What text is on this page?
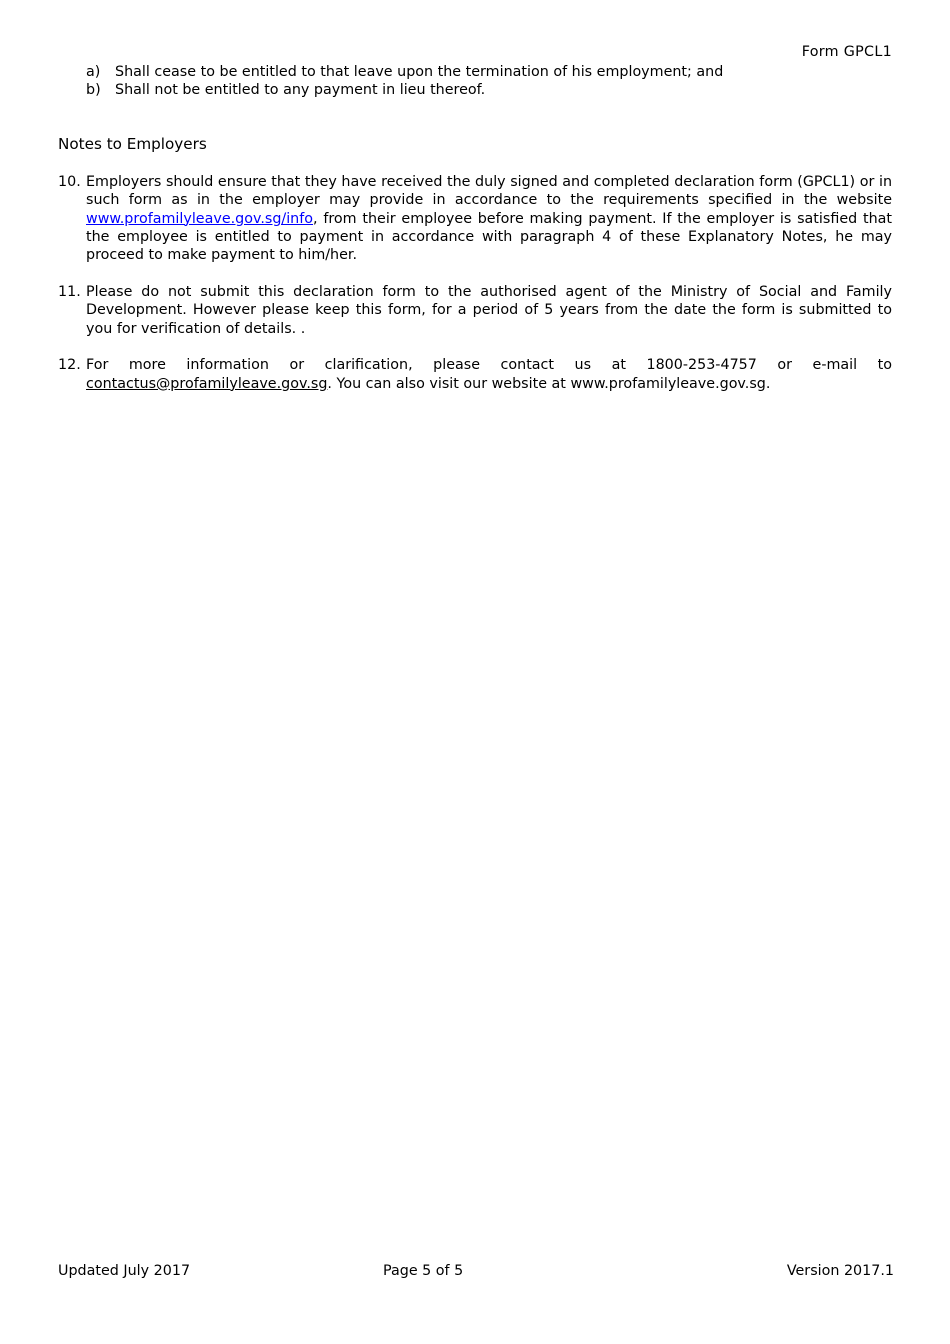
Form GPCL1
a)	Shall cease to be entitled to that leave upon the termination of his employment; and
b)	Shall not be entitled to any payment in lieu thereof.
Notes to Employers
10. Employers should ensure that they have received the duly signed and completed declaration form (GPCL1) or in such form as in the employer may provide in accordance to the requirements specified in the website www.profamilyleave.gov.sg/info, from their employee before making payment. If the employer is satisfied that the employee is entitled to payment in accordance with paragraph 4 of these Explanatory Notes, he may proceed to make payment to him/her.
11. Please do not submit this declaration form to the authorised agent of the Ministry of Social and Family Development. However please keep this form, for a period of 5 years from the date the form is submitted to you for verification of details. .
12. For more information or clarification, please contact us at 1800-253-4757 or e-mail to contactus@profamilyleave.gov.sg. You can also visit our website at www.profamilyleave.gov.sg.
Updated July 2017	Page 5 of 5	Version 2017.1
